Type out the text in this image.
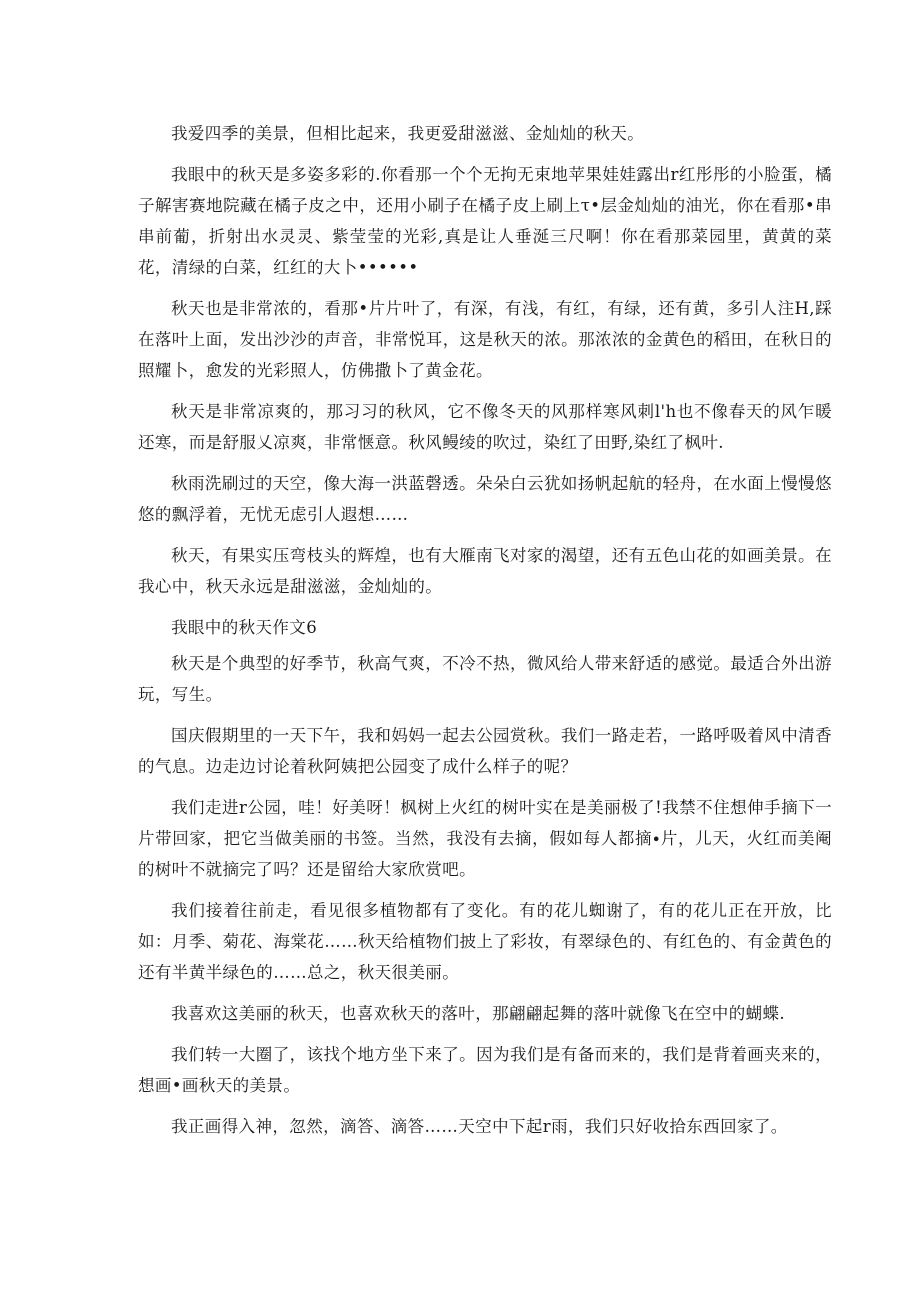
我爱四季的美景，但相比起来，我更爱甜滋滋、金灿灿的秋天。

我眼中的秋天是多姿多彩的.你看那一个个无拘无束地苹果娃娃露出r红彤彤的小脸蛋，橘子解害赛地院藏在橘子皮之中，还用小刷子在橘子皮上刷上τ•层金灿灿的油光，你在看那•串串前葡，折射出水灵灵、紫莹莹的光彩,真是让人垂涎三尺啊！你在看那菜园里，黄黄的菜花，清绿的白菜，红红的大卜••••••

秋天也是非常浓的，看那•片片叶了，有深，有浅，有红，有绿，还有黄，多引人注H,踩在落叶上面，发出沙沙的声音，非常悦耳，这是秋天的浓。那浓浓的金黄色的稻田，在秋日的照耀卜，愈发的光彩照人，仿佛撒卜了黄金花。

秋天是非常凉爽的，那习习的秋风，它不像冬天的风那样寒风刺l'h也不像春天的风乍暖还寒，而是舒服乂凉爽，非常惬意。秋风鳗绫的吹过，染红了田野,染红了枫叶.

秋雨洗刷过的天空，像大海一洪蓝磬透。朵朵白云犹如扬帆起航的轻舟，在水面上慢慢悠悠的飘浮着，无忧无虑引人遐想……

秋天，有果实压弯枝头的辉煌，也有大雁南飞对家的渴望，还有五色山花的如画美景。在我心中，秋天永远是甜滋滋，金灿灿的。

我眼中的秋天作文6

秋天是个典型的好季节，秋高气爽，不冷不热，微风给人带来舒适的感觉。最适合外出游玩，写生。

国庆假期里的一天下午，我和妈妈一起去公园赏秋。我们一路走若，一路呼吸着风中清香的气息。边走边讨论着秋阿姨把公园变了成什么样子的呢？

我们走进r公园，哇！好美呀！枫树上火红的树叶实在是美丽极了!我禁不住想伸手摘下一片带回家，把它当做美丽的书签。当然，我没有去摘，假如每人都摘∙片，儿天，火红而美阉的树叶不就摘完了吗？还是留给大家欣赏吧。

我们接着往前走，看见很多植物都有了变化。有的花儿蜘谢了，有的花儿正在开放，比如：月季、菊花、海棠花……秋天给植物们披上了彩妆，有翠绿色的、有红色的、有金黄色的还有半黄半绿色的……总之，秋天很美丽。

我喜欢这美丽的秋天，也喜欢秋天的落叶，那翩翩起舞的落叶就像飞在空中的蝴蝶.

我们转一大圈了，该找个地方坐下来了。因为我们是有备而来的，我们是背着画夹来的，想画•画秋天的美景。

我正画得入神，忽然，滴答、滴答……天空中下起r雨，我们只好收拾东西回家了。
